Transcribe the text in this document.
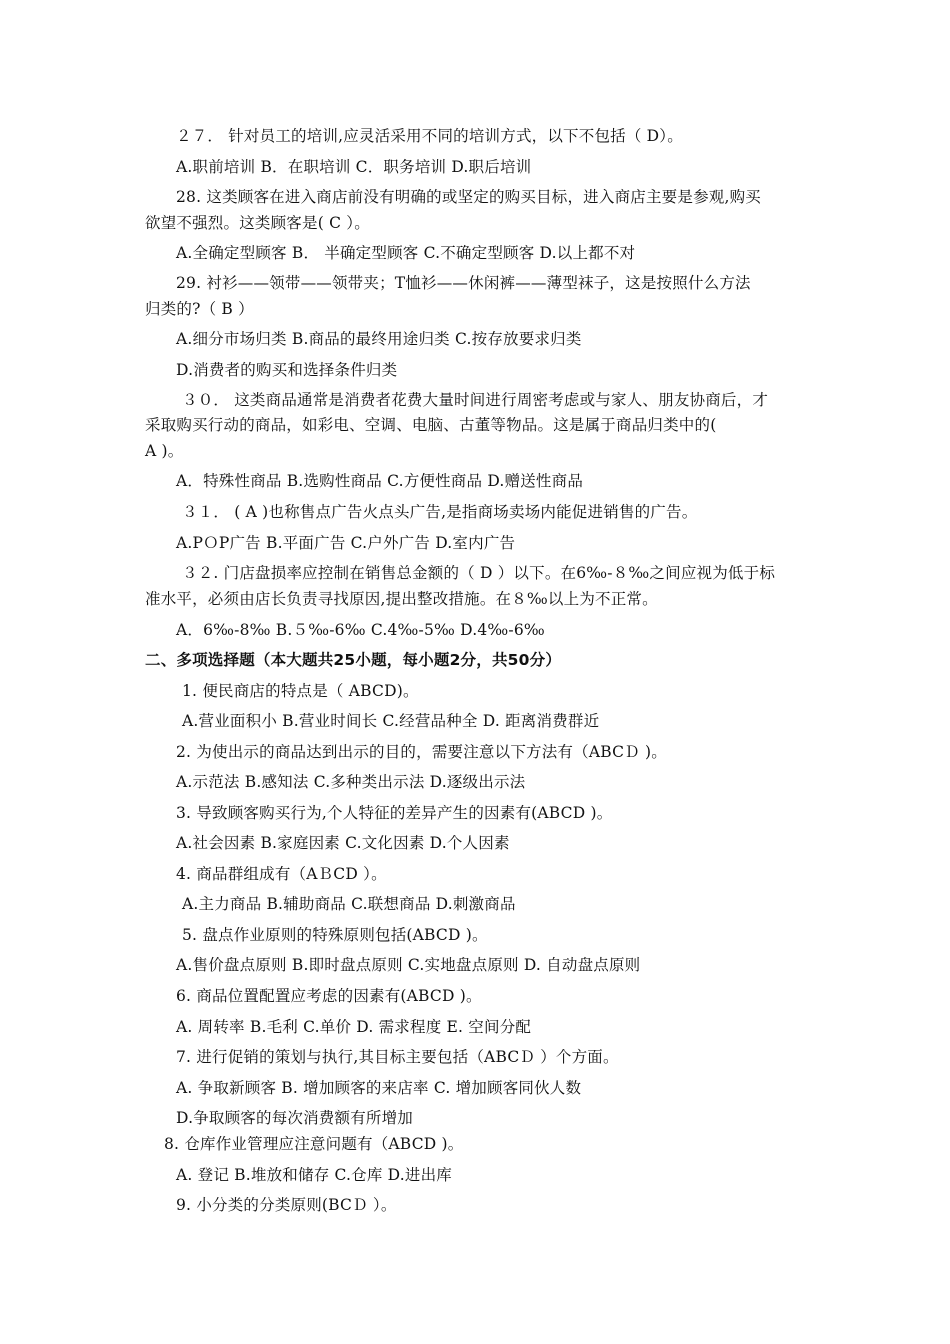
２７． 针对员工的培训,应灵活采用不同的培训方式，以下不包括（ D）。
A.职前培训 B．在职培训 C．职务培训 D.职后培训
28. 这类顾客在进入商店前没有明确的或坚定的购买目标，进入商店主要是参观,购买
欲望不强烈。这类顾客是( C ）。
A.全确定型顾客 B． 半确定型顾客 C.不确定型顾客 D.以上都不对
29. 衬衫——领带——领带夹；T恤衫——休闲裤——薄型袜子，这是按照什么方法
归类的?（ B ）
A.细分市场归类 B.商品的最终用途归类 C.按存放要求归类
D.消费者的购买和选择条件归类
３０． 这类商品通常是消费者花费大量时间进行周密考虑或与家人、朋友协商后，才
采取购买行动的商品，如彩电、空调、电脑、古董等物品。这是属于商品归类中的(
A )。
A．特殊性商品 B.选购性商品 C.方便性商品 D.赠送性商品
３１． ( A )也称售点广告火点头广告,是指商场卖场内能促进销售的广告。
A.PＯP广告 B.平面广告 C.户外广告 D.室内广告
３２. 门店盘损率应控制在销售总金额的（ D ）以下。在6‰-８‰之间应视为低于标
准水平，必须由店长负责寻找原因,提出整改措施。在８‰以上为不正常。
A．6‰-8‰ B.５‰-6‰ C.4‰-5‰ D.4‰-6‰
二、多项选择题（本大题共25小题，每小题2分，共50分）
1. 便民商店的特点是（ ABCD)。
A.营业面积小 B.营业时间长 C.经营品种全 D. 距离消费群近
2. 为使出示的商品达到出示的目的，需要注意以下方法有（ABCＤ )。
A.示范法 B.感知法 C.多种类出示法 D.逐级出示法
3. 导致顾客购买行为,个人特征的差异产生的因素有(ABCD )。
A.社会因素 B.家庭因素 C.文化因素 D.个人因素
4. 商品群组成有（AＢCD ）。
A.主力商品 B.辅助商品 C.联想商品 D.刺激商品
5. 盘点作业原则的特殊原则包括(ABCD )。
A.售价盘点原则 B.即时盘点原则 C.实地盘点原则 D. 自动盘点原则
6. 商品位置配置应考虑的因素有(ABCD )。
A. 周转率 B.毛利 C.单价 D. 需求程度 E. 空间分配
7. 进行促销的策划与执行,其目标主要包括（ABCＤ ）个方面。
A. 争取新顾客 B. 增加顾客的来店率 C. 增加顾客同伙人数
D.争取顾客的每次消费额有所增加
8. 仓库作业管理应注意问题有（ABCD )。
A. 登记 B.堆放和储存 C.仓库 D.进出库
9. 小分类的分类原则(BCＤ ）。
